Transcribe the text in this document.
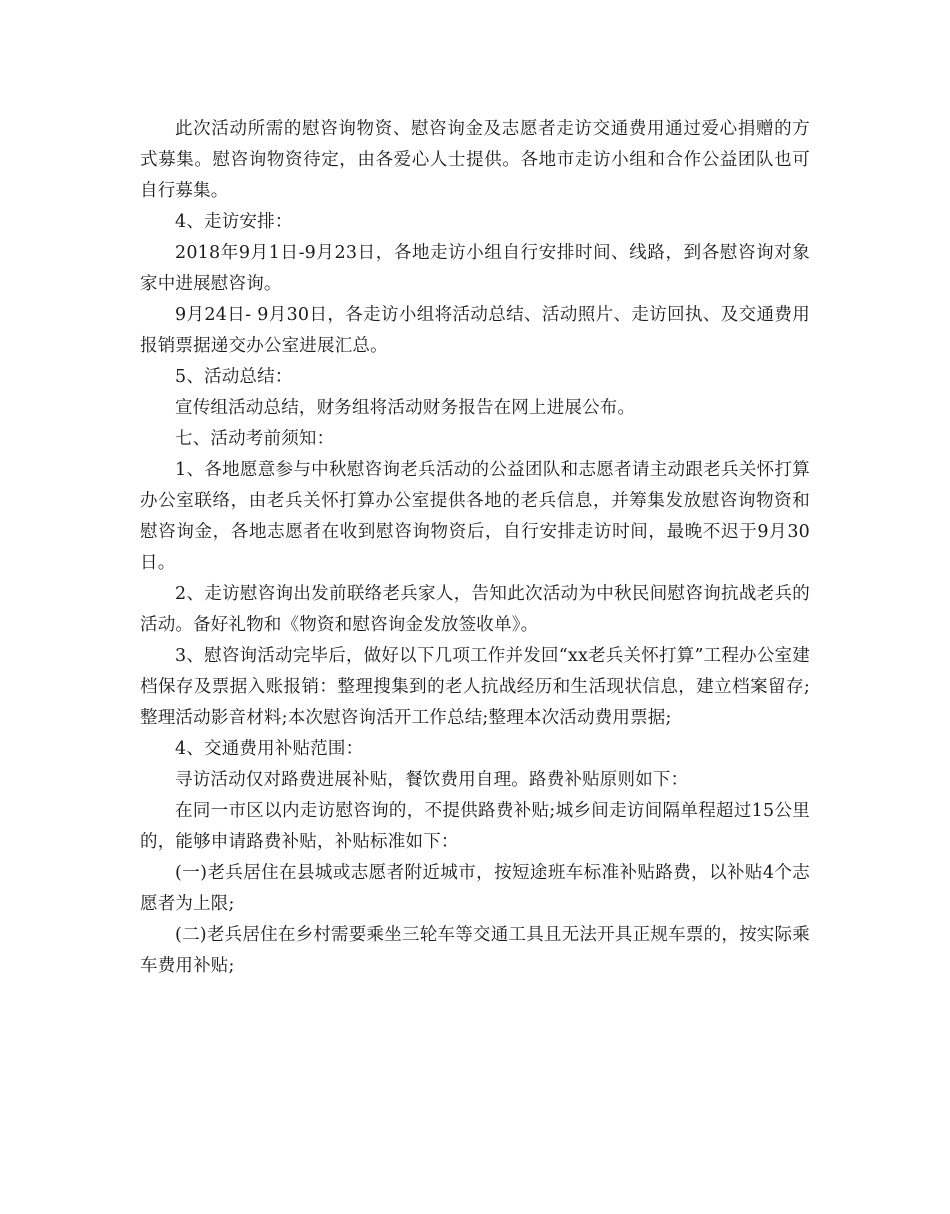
此次活动所需的慰咨询物资、慰咨询金及志愿者走访交通费用通过爱心捐赠的方式募集。慰咨询物资待定，由各爱心人士提供。各地市走访小组和合作公益团队也可自行募集。

4、走访安排：

2018年9月1日-9月23日，各地走访小组自行安排时间、线路，到各慰咨询对象家中进展慰咨询。

9月24日- 9月30日，各走访小组将活动总结、活动照片、走访回执、及交通费用报销票据递交办公室进展汇总。

5、活动总结：

宣传组活动总结，财务组将活动财务报告在网上进展公布。

七、活动考前须知：

1、各地愿意参与中秋慰咨询老兵活动的公益团队和志愿者请主动跟老兵关怀打算办公室联络，由老兵关怀打算办公室提供各地的老兵信息，并筹集发放慰咨询物资和慰咨询金，各地志愿者在收到慰咨询物资后，自行安排走访时间，最晚不迟于9月30日。

2、走访慰咨询出发前联络老兵家人，告知此次活动为中秋民间慰咨询抗战老兵的活动。备好礼物和《物资和慰咨询金发放签收单》。

3、慰咨询活动完毕后，做好以下几项工作并发回“xx老兵关怀打算”工程办公室建档保存及票据入账报销：整理搜集到的老人抗战经历和生活现状信息，建立档案留存;整理活动影音材料;本次慰咨询活开工作总结;整理本次活动费用票据;

4、交通费用补贴范围：

寻访活动仅对路费进展补贴，餐饮费用自理。路费补贴原则如下：

在同一市区以内走访慰咨询的，不提供路费补贴;城乡间走访间隔单程超过15公里的，能够申请路费补贴，补贴标准如下：

(一)老兵居住在县城或志愿者附近城市，按短途班车标准补贴路费，以补贴4个志愿者为上限;

(二)老兵居住在乡村需要乘坐三轮车等交通工具且无法开具正规车票的，按实际乘车费用补贴;
